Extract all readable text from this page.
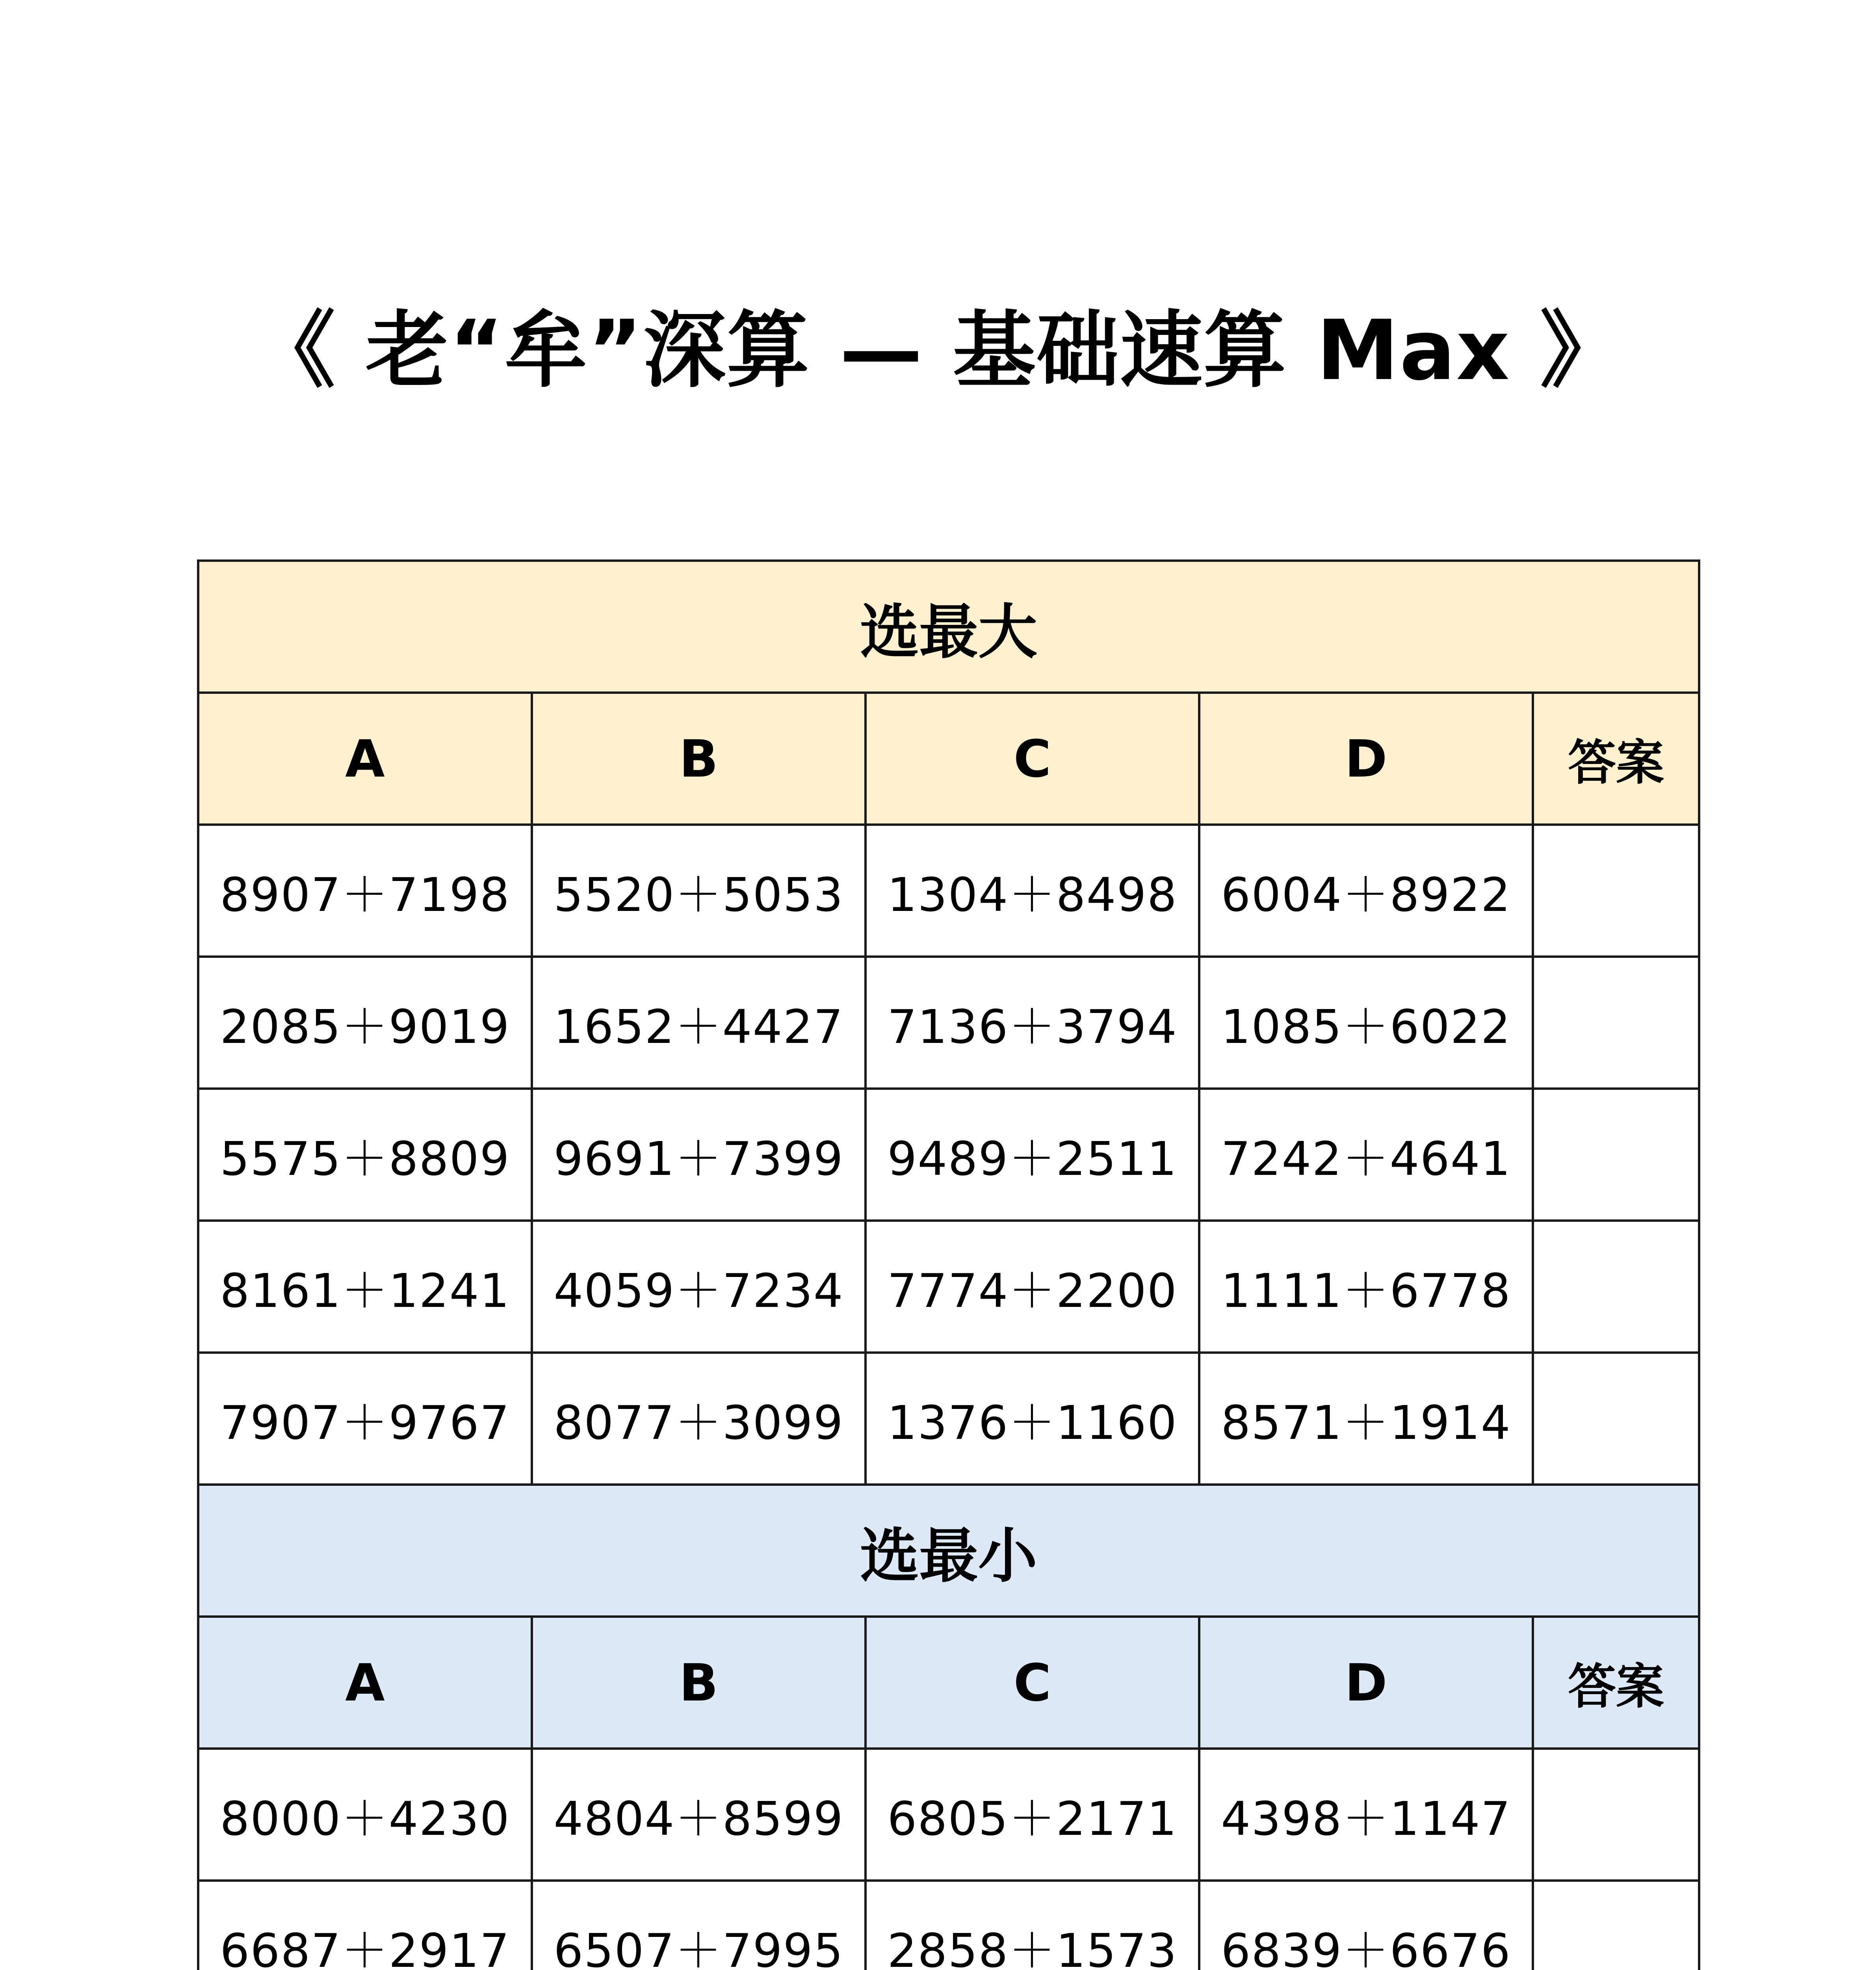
《 老“牟”深算 — 基础速算 Max 》
选最大				
A	B	C	D	答案
8907＋7198	5520＋5053	1304＋8498	6004＋8922	
2085＋9019	1652＋4427	7136＋3794	1085＋6022	
5575＋8809	9691＋7399	9489＋2511	7242＋4641	
8161＋1241	4059＋7234	7774＋2200	1111＋6778	
7907＋9767	8077＋3099	1376＋1160	8571＋1914	
选最小				
A	B	C	D	答案
8000＋4230	4804＋8599	6805＋2171	4398＋1147	
6687＋2917	6507＋7995	2858＋1573	6839＋6676	
